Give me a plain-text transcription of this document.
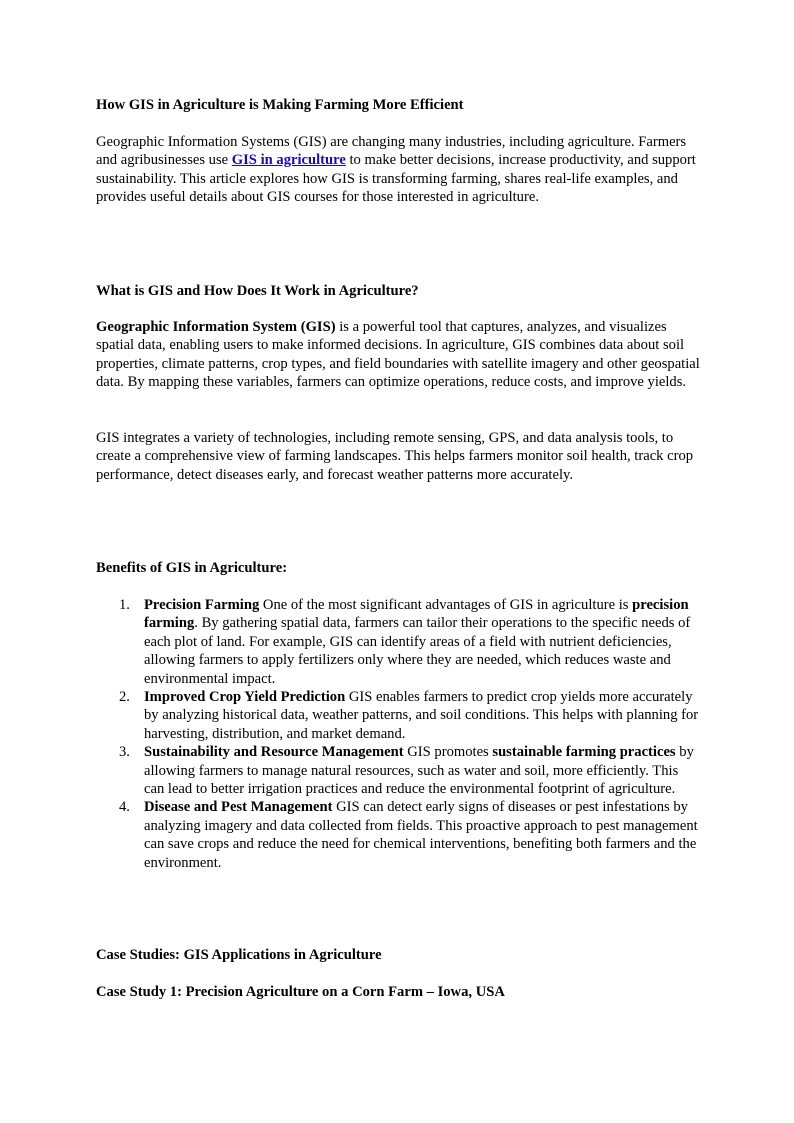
How GIS in Agriculture is Making Farming More Efficient

Geographic Information Systems (GIS) are changing many industries, including agriculture. Farmers and agribusinesses use GIS in agriculture to make better decisions, increase productivity, and support sustainability. This article explores how GIS is transforming farming, shares real-life examples, and provides useful details about GIS courses for those interested in agriculture.

What is GIS and How Does It Work in Agriculture?

Geographic Information System (GIS) is a powerful tool that captures, analyzes, and visualizes spatial data, enabling users to make informed decisions. In agriculture, GIS combines data about soil properties, climate patterns, crop types, and field boundaries with satellite imagery and other geospatial data. By mapping these variables, farmers can optimize operations, reduce costs, and improve yields.

GIS integrates a variety of technologies, including remote sensing, GPS, and data analysis tools, to create a comprehensive view of farming landscapes. This helps farmers monitor soil health, track crop performance, detect diseases early, and forecast weather patterns more accurately.

Benefits of GIS in Agriculture:

1. Precision Farming One of the most significant advantages of GIS in agriculture is precision farming. By gathering spatial data, farmers can tailor their operations to the specific needs of each plot of land. For example, GIS can identify areas of a field with nutrient deficiencies, allowing farmers to apply fertilizers only where they are needed, which reduces waste and environmental impact.
2. Improved Crop Yield Prediction GIS enables farmers to predict crop yields more accurately by analyzing historical data, weather patterns, and soil conditions. This helps with planning for harvesting, distribution, and market demand.
3. Sustainability and Resource Management GIS promotes sustainable farming practices by allowing farmers to manage natural resources, such as water and soil, more efficiently. This can lead to better irrigation practices and reduce the environmental footprint of agriculture.
4. Disease and Pest Management GIS can detect early signs of diseases or pest infestations by analyzing imagery and data collected from fields. This proactive approach to pest management can save crops and reduce the need for chemical interventions, benefiting both farmers and the environment.

Case Studies: GIS Applications in Agriculture

Case Study 1: Precision Agriculture on a Corn Farm – Iowa, USA
